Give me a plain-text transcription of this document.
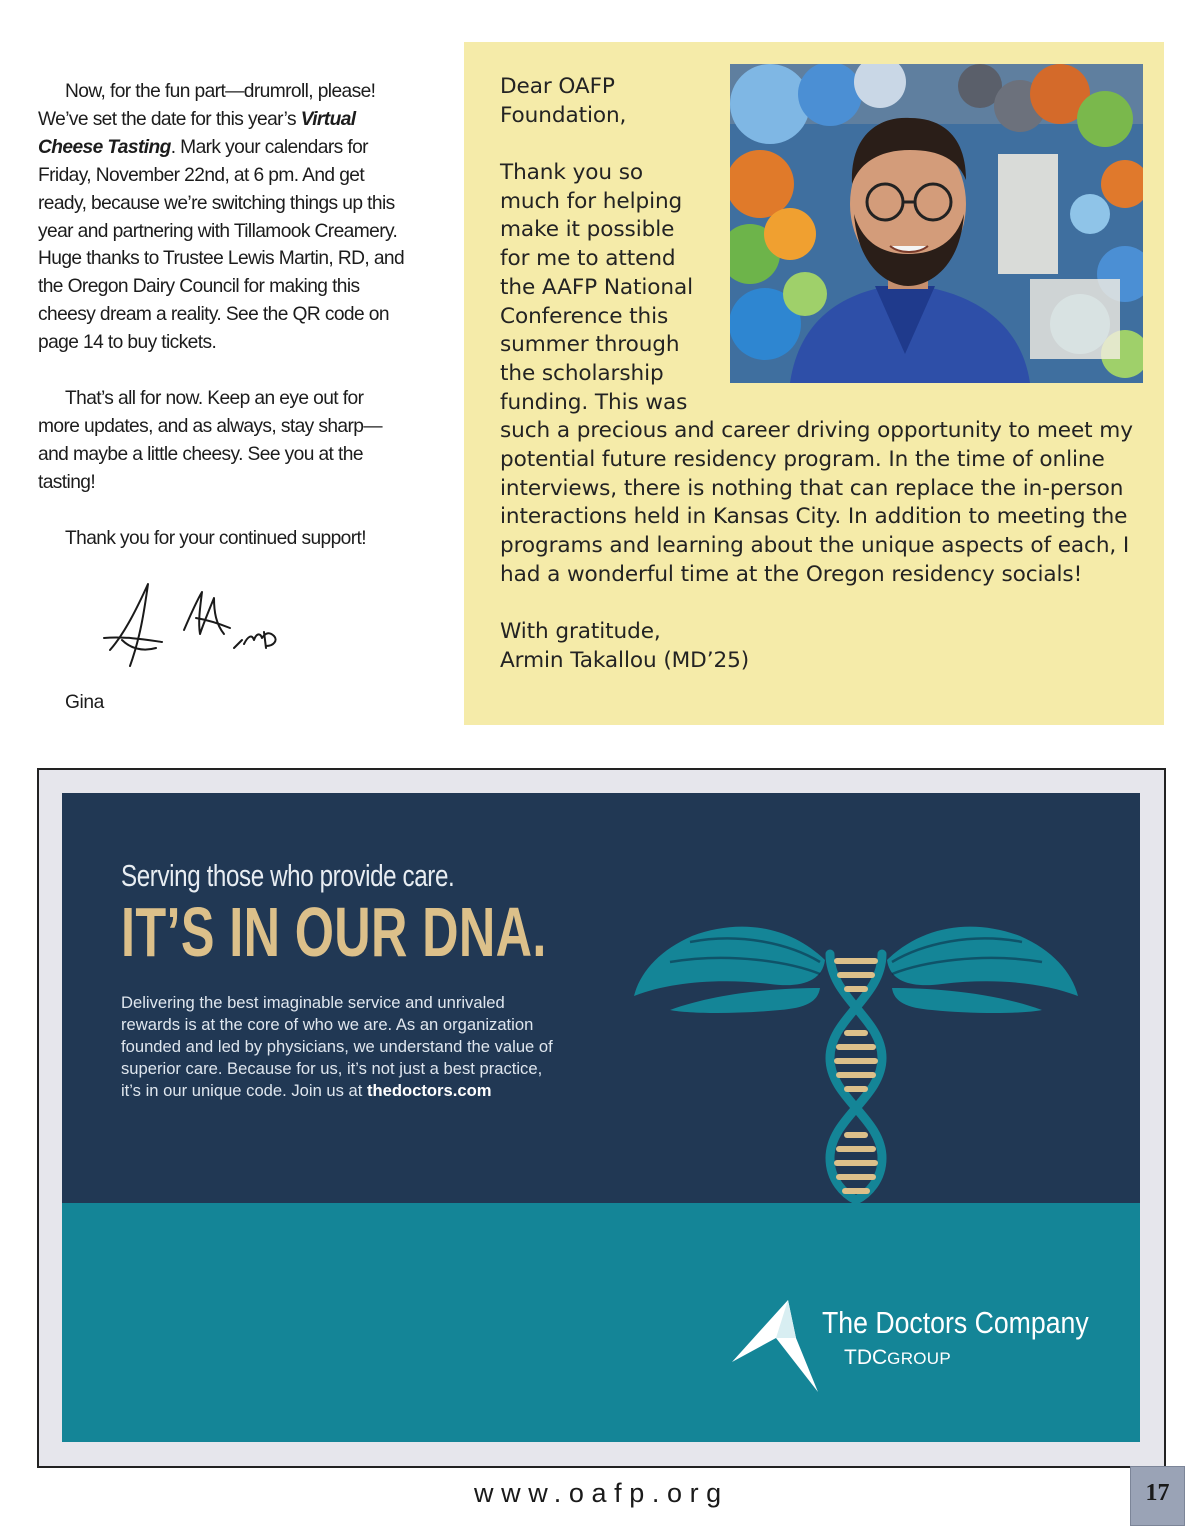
Now, for the fun part—drumroll, please! We’ve set the date for this year’s Virtual Cheese Tasting. Mark your calendars for Friday, November 22nd, at 6 pm. And get ready, because we’re switching things up this year and partnering with Tillamook Creamery. Huge thanks to Trustee Lewis Martin, RD, and the Oregon Dairy Council for making this cheesy dream a reality. See the QR code on page 14 to buy tickets.

That’s all for now. Keep an eye out for more updates, and as always, stay sharp—and maybe a little cheesy. See you at the tasting!

Thank you for your continued support!

Gina
Dear OAFP
Foundation,
Thank you so
much for helping
make it possible
for me to attend
the AAFP National
Conference this
summer through
the scholarship
funding. This was
such a precious and career driving opportunity to meet my
potential future residency program. In the time of online
interviews, there is nothing that can replace the in-person
interactions held in Kansas City. In addition to meeting the
programs and learning about the unique aspects of each, I
had a wonderful time at the Oregon residency socials!
With gratitude,
Armin Takallou (MD’25)
Serving those who provide care.
IT’S IN OUR DNA.
Delivering the best imaginable service and unrivaled
rewards is at the core of who we are. As an organization
founded and led by physicians, we understand the value of
superior care. Because for us, it’s not just a best practice,
it’s in our unique code. Join us at thedoctors.com
The Doctors Company
TDCGROUP
www.oafp.org	17
